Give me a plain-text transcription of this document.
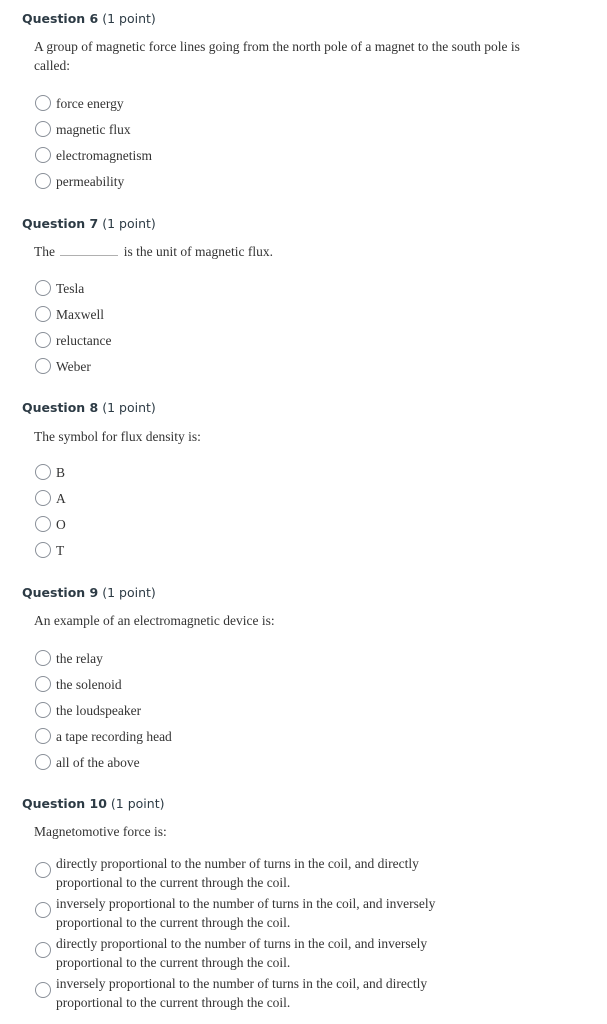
Question 6 (1 point)
A group of magnetic force lines going from the north pole of a magnet to the south pole is called:
force energy
magnetic flux
electromagnetism
permeability
Question 7 (1 point)
The	is the unit of magnetic flux.
Tesla
Maxwell
reluctance
Weber
Question 8 (1 point)
The symbol for flux density is:
B
A
O
T
Question 9 (1 point)
An example of an electromagnetic device is:
the relay
the solenoid
the loudspeaker
a tape recording head
all of the above
Question 10 (1 point)
Magnetomotive force is:
directly proportional to the number of turns in the coil, and directly proportional to the current through the coil.
inversely proportional to the number of turns in the coil, and inversely proportional to the current through the coil.
directly proportional to the number of turns in the coil, and inversely proportional to the current through the coil.
inversely proportional to the number of turns in the coil, and directly proportional to the current through the coil.
